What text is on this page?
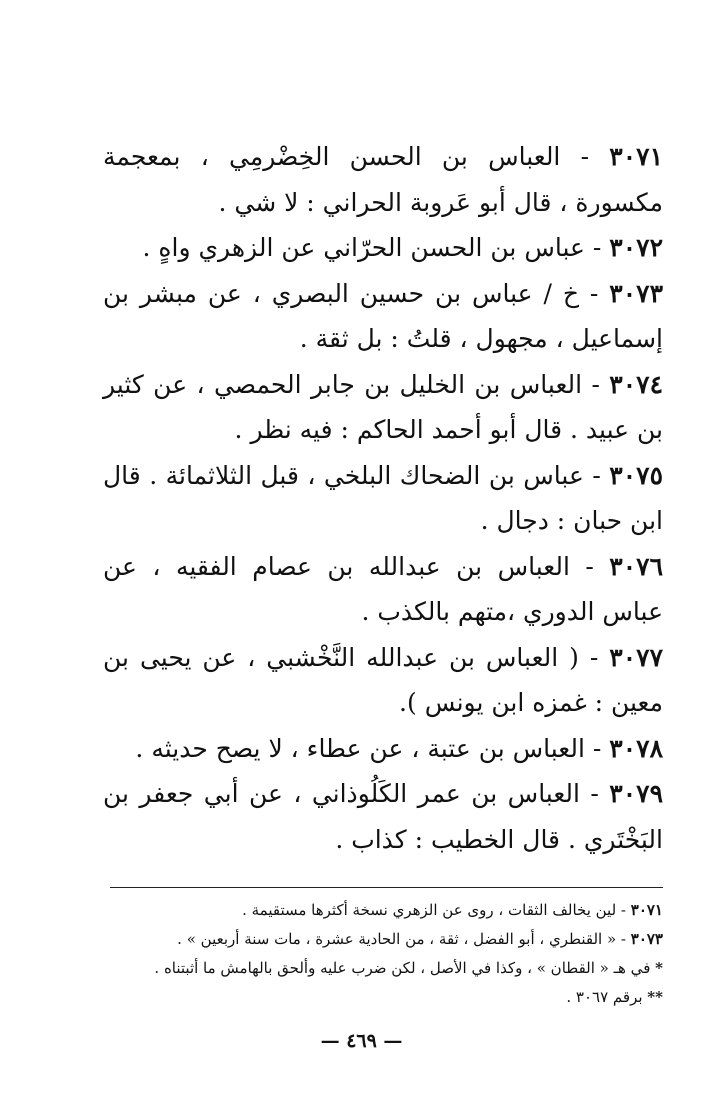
٣٠٧١ - العباس بن الحسن الخِضْرمِي ، بمعجمة مكسورة ، قال أبو عَروبة الحراني : لا شي .

٣٠٧٢ - عباس بن الحسن الحرّاني عن الزهري واهٍ .

٣٠٧٣ - خ / عباس بن حسين البصري ، عن مبشر بن إسماعيل ، مجهول ، قلتُ : بل ثقة .

٣٠٧٤ - العباس بن الخليل بن جابر الحمصي ، عن كثير بن عبيد . قال أبو أحمد الحاكم : فيه نظر .

٣٠٧٥ - عباس بن الضحاك البلخي ، قبل الثلاثمائة . قال ابن حبان : دجال .

٣٠٧٦ - العباس بن عبدالله بن عصام الفقيه ، عن عباس الدوري ،متهم بالكذب .

٣٠٧٧ - ( العباس بن عبدالله النَّخْشبي ، عن يحيى بن معين : غمزه ابن يونس ).

٣٠٧٨ - العباس بن عتبة ، عن عطاء ، لا يصح حديثه .

٣٠٧٩ - العباس بن عمر الكَلُوذاني ، عن أبي جعفر بن البَخْتَري . قال الخطيب : كذاب .

٣٠٧١ - لين يخالف الثقات ، روى عن الزهري نسخة أكثرها مستقيمة .

٣٠٧٣ - « القنطري ، أبو الفضل ، ثقة ، من الحادية عشرة ، مات سنة أربعين » .

* في هـ « القطان » ، وكذا في الأصل ، لكن ضرب عليه وألحق بالهامش ما أثبتناه .

** برقم ٣٠٦٧ .

— ٤٦٩ —
